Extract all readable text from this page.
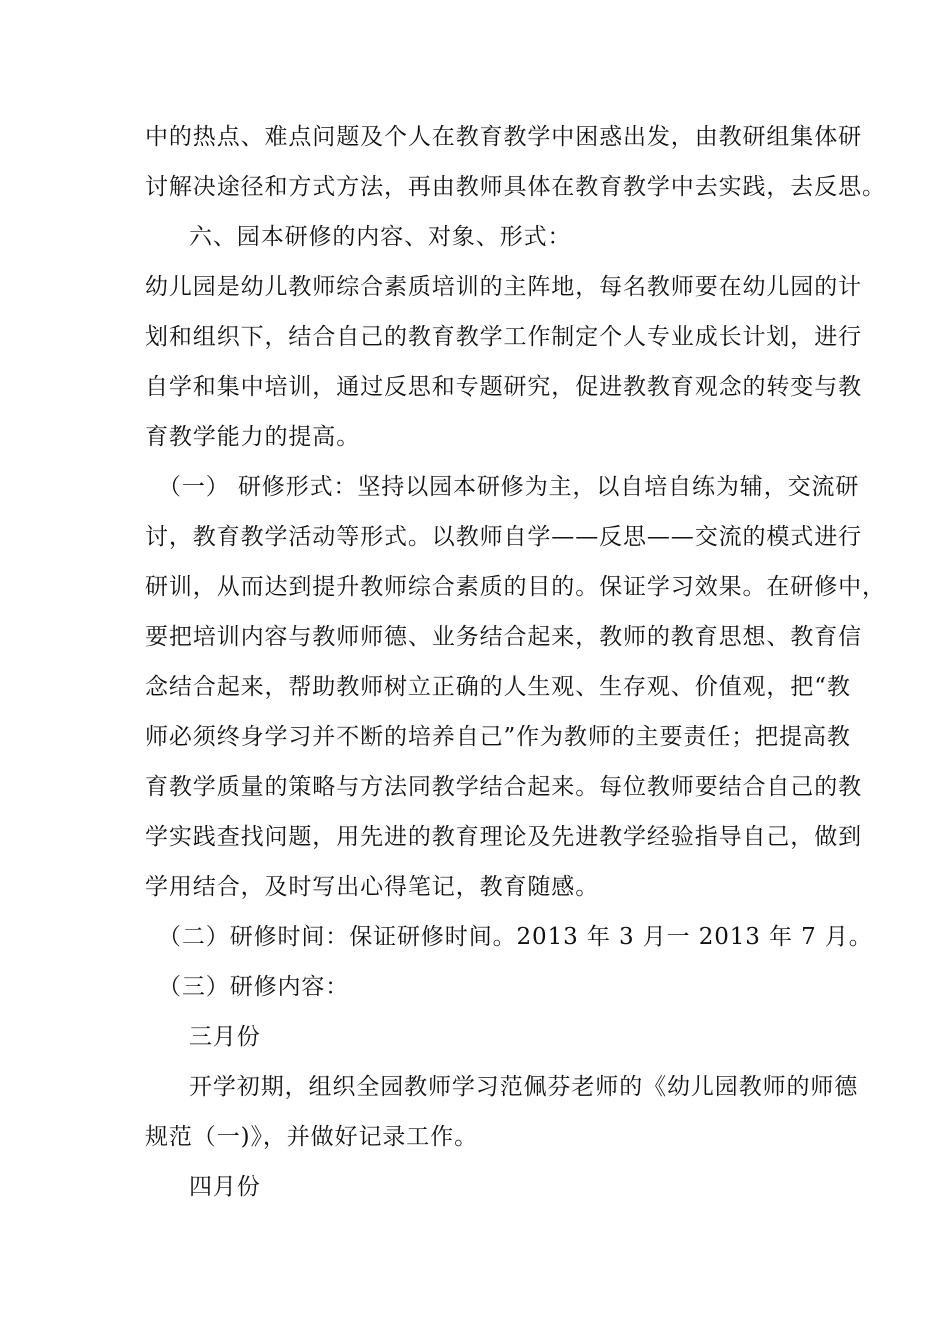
中的热点、难点问题及个人在教育教学中困惑出发，由教研组集体研
讨解决途径和方式方法，再由教师具体在教育教学中去实践，去反思。
六、园本研修的内容、对象、形式：
幼儿园是幼儿教师综合素质培训的主阵地，每名教师要在幼儿园的计
划和组织下，结合自己的教育教学工作制定个人专业成长计划，进行
自学和集中培训，通过反思和专题研究，促进教教育观念的转变与教
育教学能力的提高。
（一） 研修形式：坚持以园本研修为主，以自培自练为辅，交流研
讨，教育教学活动等形式。以教师自学——反思——交流的模式进行
研训，从而达到提升教师综合素质的目的。保证学习效果。在研修中，
要把培训内容与教师师德、业务结合起来，教师的教育思想、教育信
念结合起来，帮助教师树立正确的人生观、生存观、价值观，把“教
师必须终身学习并不断的培养自己”作为教师的主要责任；把提高教
育教学质量的策略与方法同教学结合起来。每位教师要结合自己的教
学实践查找问题，用先进的教育理论及先进教学经验指导自己，做到
学用结合，及时写出心得笔记，教育随感。
（二）研修时间：保证研修时间。2013 年 3 月一 2013 年 7 月。
（三）研修内容：
三月份
开学初期，组织全园教师学习范佩芬老师的《幼儿园教师的师德
规范（一)》，并做好记录工作。
四月份
